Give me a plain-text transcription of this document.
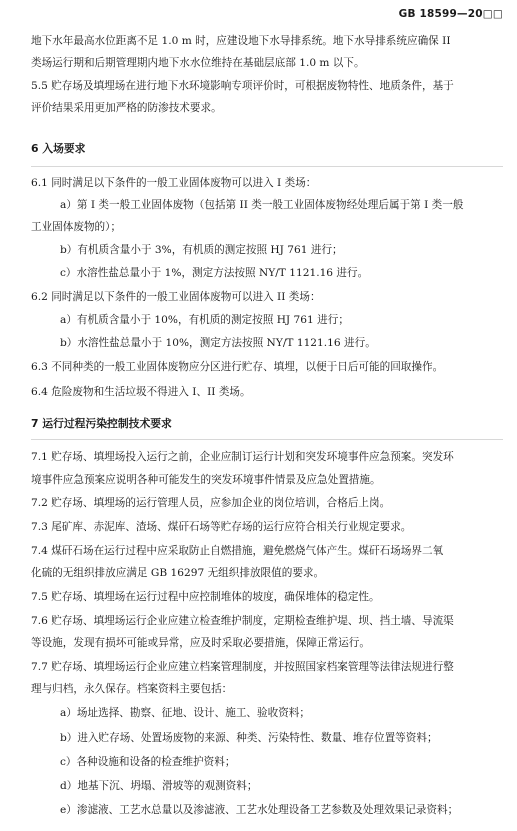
GB 18599—20□□
地下水年最高水位距离不足 1.0 m 时，应建设地下水导排系统。地下水导排系统应确保 II
类场运行期和后期管理期内地下水水位维持在基础层底部 1.0 m 以下。
5.5 贮存场及填埋场在进行地下水环境影响专项评价时，可根据废物特性、地质条件，基于
评价结果采用更加严格的防渗技术要求。
6 入场要求
6.1 同时满足以下条件的一般工业固体废物可以进入 I 类场：
a）第 I 类一般工业固体废物（包括第 II 类一般工业固体废物经处理后属于第 I 类一般
工业固体废物的）；
b）有机质含量小于 3%，有机质的测定按照 HJ 761 进行；
c）水溶性盐总量小于 1%，测定方法按照 NY/T 1121.16 进行。
6.2 同时满足以下条件的一般工业固体废物可以进入 II 类场：
a）有机质含量小于 10%，有机质的测定按照 HJ 761 进行；
b）水溶性盐总量小于 10%，测定方法按照 NY/T 1121.16 进行。
6.3 不同种类的一般工业固体废物应分区进行贮存、填埋，以便于日后可能的回取操作。
6.4 危险废物和生活垃圾不得进入 I、II 类场。
7 运行过程污染控制技术要求
7.1 贮存场、填埋场投入运行之前，企业应制订运行计划和突发环境事件应急预案。突发环
境事件应急预案应说明各种可能发生的突发环境事件情景及应急处置措施。
7.2 贮存场、填埋场的运行管理人员，应参加企业的岗位培训，合格后上岗。
7.3 尾矿库、赤泥库、渣场、煤矸石场等贮存场的运行应符合相关行业规定要求。
7.4 煤矸石场在运行过程中应采取防止自燃措施，避免燃烧气体产生。煤矸石场场界二氧
化硫的无组织排放应满足 GB 16297 无组织排放限值的要求。
7.5 贮存场、填埋场在运行过程中应控制堆体的坡度，确保堆体的稳定性。
7.6 贮存场、填埋场运行企业应建立检查维护制度，定期检查维护堤、坝、挡土墙、导流渠
等设施，发现有损坏可能或异常，应及时采取必要措施，保障正常运行。
7.7 贮存场、填埋场运行企业应建立档案管理制度，并按照国家档案管理等法律法规进行整
理与归档，永久保存。档案资料主要包括：
a）场址选择、勘察、征地、设计、施工、验收资料；
b）进入贮存场、处置场废物的来源、种类、污染特性、数量、堆存位置等资料；
c）各种设施和设备的检查维护资料；
d）地基下沉、坍塌、滑坡等的观测资料；
e）渗滤液、工艺水总量以及渗滤液、工艺水处理设备工艺参数及处理效果记录资料；
